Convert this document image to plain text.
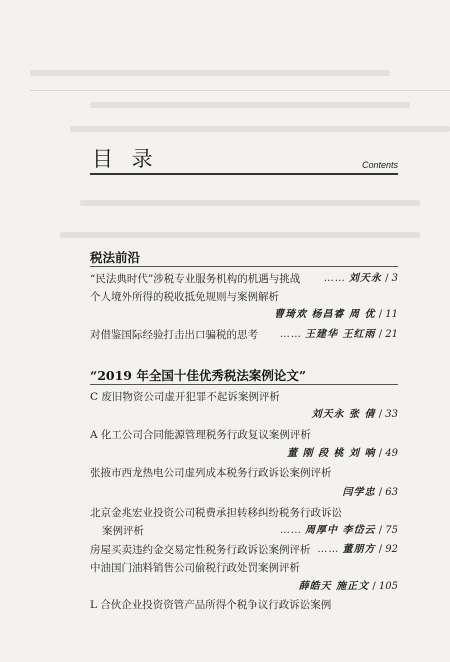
目 录	Contents
税法前沿
“民法典时代”涉税专业服务机构的机遇与挑战 …… 刘天永 / 3
个人境外所得的税收抵免规则与案例解析
曹琦欢 杨昌睿 周 优 / 11
对借鉴国际经验打击出口骗税的思考 …… 王建华 王红雨 / 21
“2019 年全国十佳优秀税法案例论文”
C 废旧物资公司虚开犯罪不起诉案例评析
刘天永 张 倩 / 33
A 化工公司合同能源管理税务行政复议案例评析
董 刚 段 桃 刘 响 / 49
张掖市西龙热电公司虚列成本税务行政诉讼案例评析
闫学忠 / 63
北京金兆宏业投资公司税费承担转移纠纷税务行政诉讼
案例评析	…… 周厚中 李岱云 / 75
房屋买卖违约金交易定性税务行政诉讼案例评析 …… 董朋方 / 92
中油国门油料销售公司偷税行政处罚案例评析
薛皓天 施正文 / 105
L 合伙企业投资资管产品所得个税争议行政诉讼案例
